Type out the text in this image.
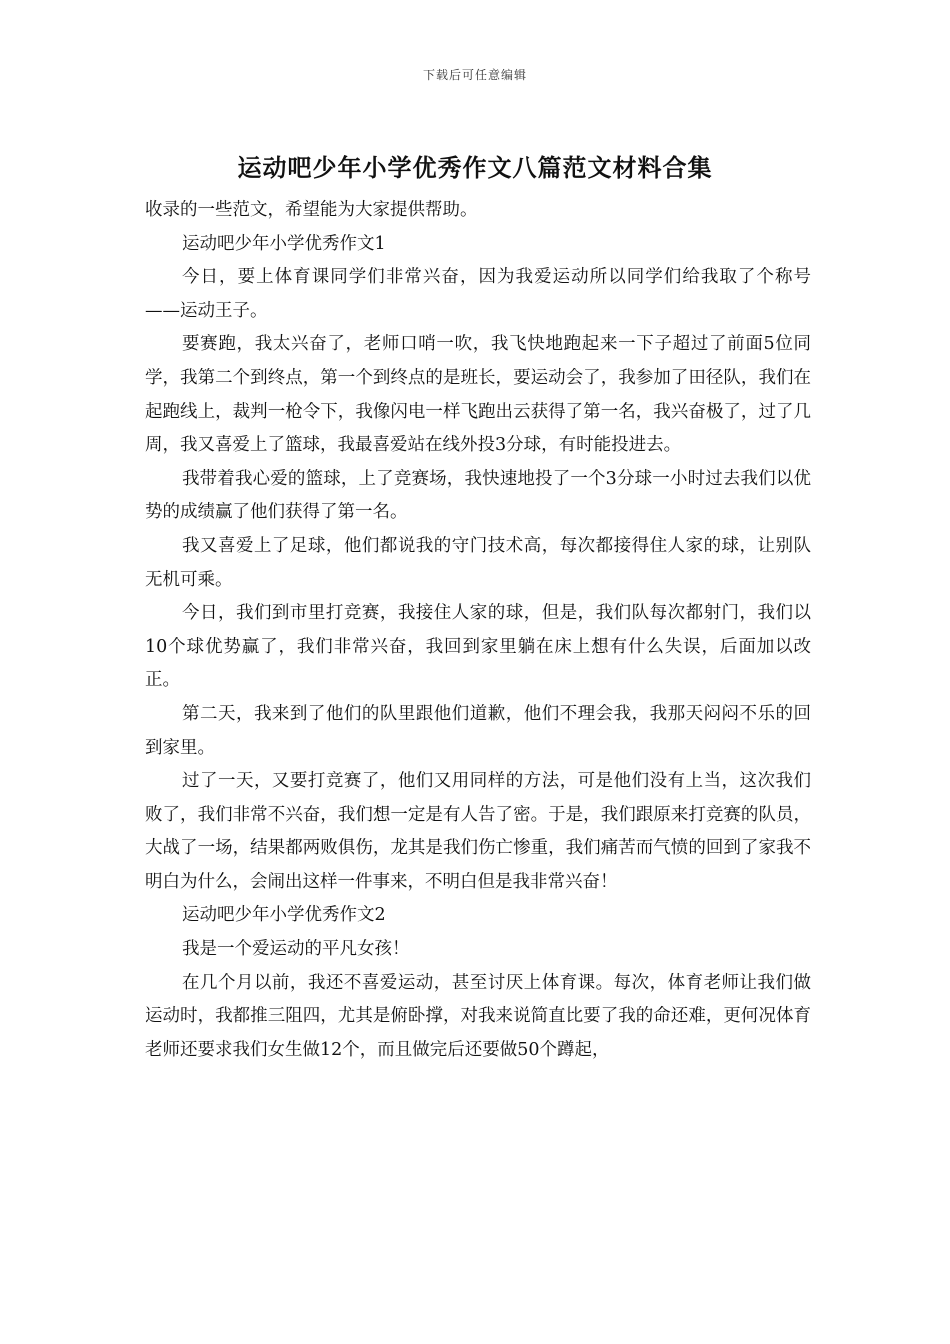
下载后可任意编辑
运动吧少年小学优秀作文八篇范文材料合集

收录的一些范文，希望能为大家提供帮助。

运动吧少年小学优秀作文1

今日，要上体育课同学们非常兴奋，因为我爱运动所以同学们给我取了个称号——运动王子。

要赛跑，我太兴奋了，老师口哨一吹，我飞快地跑起来一下子超过了前面5位同学，我第二个到终点，第一个到终点的是班长，要运动会了，我参加了田径队，我们在起跑线上，裁判一枪令下，我像闪电一样飞跑出云获得了第一名，我兴奋极了，过了几周，我又喜爱上了篮球，我最喜爱站在线外投3分球，有时能投进去。

我带着我心爱的篮球，上了竞赛场，我快速地投了一个3分球一小时过去我们以优势的成绩赢了他们获得了第一名。

我又喜爱上了足球，他们都说我的守门技术高，每次都接得住人家的球，让别队无机可乘。

今日，我们到市里打竞赛，我接住人家的球，但是，我们队每次都射门，我们以10个球优势赢了，我们非常兴奋，我回到家里躺在床上想有什么失误，后面加以改正。

第二天，我来到了他们的队里跟他们道歉，他们不理会我，我那天闷闷不乐的回到家里。

过了一天，又要打竞赛了，他们又用同样的方法，可是他们没有上当，这次我们败了，我们非常不兴奋，我们想一定是有人告了密。于是，我们跟原来打竞赛的队员，大战了一场，结果都两败俱伤，龙其是我们伤亡惨重，我们痛苦而气愤的回到了家我不明白为什么，会闹出这样一件事来，不明白但是我非常兴奋！

运动吧少年小学优秀作文2

我是一个爱运动的平凡女孩！

在几个月以前，我还不喜爱运动，甚至讨厌上体育课。每次，体育老师让我们做运动时，我都推三阻四，尤其是俯卧撑，对我来说简直比要了我的命还难，更何况体育老师还要求我们女生做12个，而且做完后还要做50个蹲起，
